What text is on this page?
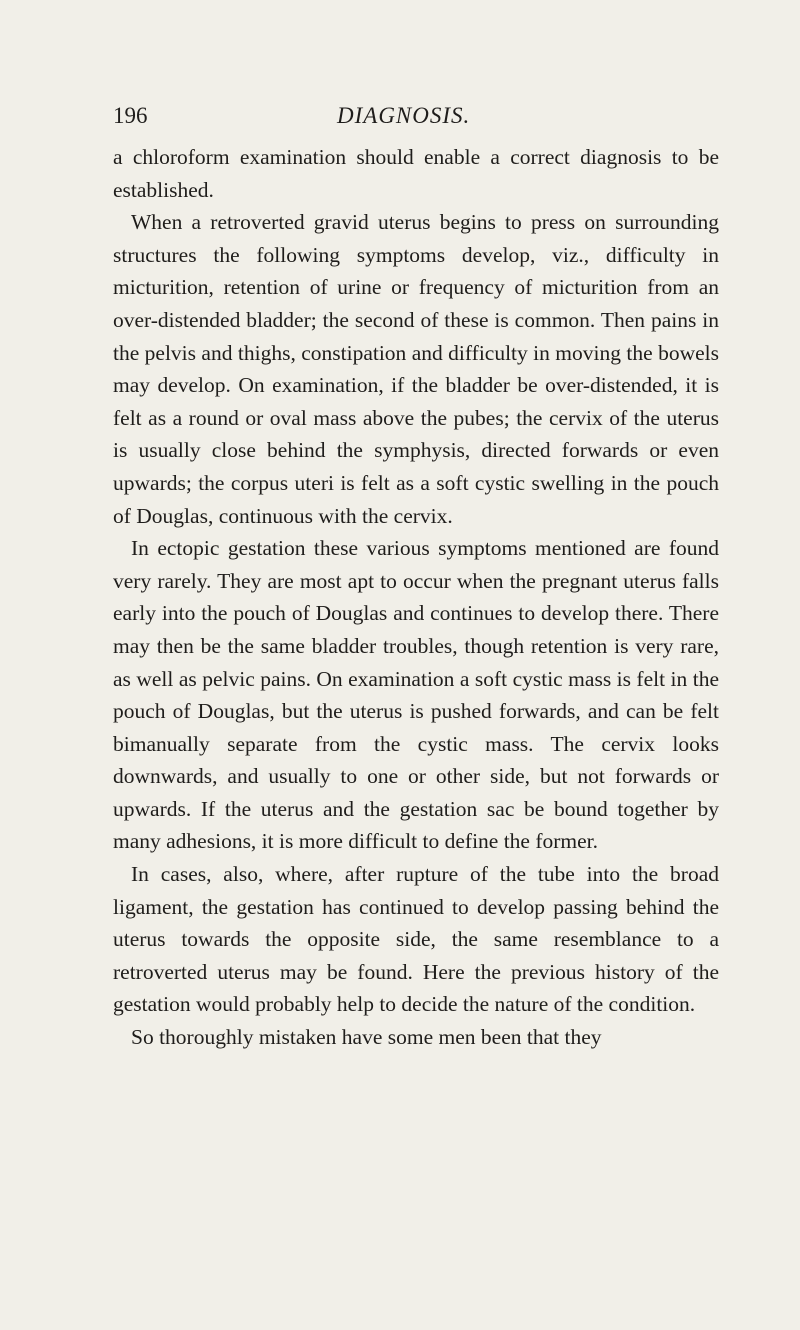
196	DIAGNOSIS.

a chloroform examination should enable a correct diagnosis to be established.

When a retroverted gravid uterus begins to press on surrounding structures the following symptoms develop, viz., difficulty in micturition, retention of urine or frequency of micturition from an over-distended bladder; the second of these is common. Then pains in the pelvis and thighs, constipation and difficulty in moving the bowels may develop. On examination, if the bladder be over-distended, it is felt as a round or oval mass above the pubes; the cervix of the uterus is usually close behind the symphysis, directed forwards or even upwards; the corpus uteri is felt as a soft cystic swelling in the pouch of Douglas, continuous with the cervix.

In ectopic gestation these various symptoms mentioned are found very rarely. They are most apt to occur when the pregnant uterus falls early into the pouch of Douglas and continues to develop there. There may then be the same bladder troubles, though retention is very rare, as well as pelvic pains. On examination a soft cystic mass is felt in the pouch of Douglas, but the uterus is pushed forwards, and can be felt bimanually separate from the cystic mass. The cervix looks downwards, and usually to one or other side, but not forwards or upwards. If the uterus and the gestation sac be bound together by many adhesions, it is more difficult to define the former.

In cases, also, where, after rupture of the tube into the broad ligament, the gestation has continued to develop passing behind the uterus towards the opposite side, the same resemblance to a retroverted uterus may be found. Here the previous history of the gestation would probably help to decide the nature of the condition.

So thoroughly mistaken have some men been that they
